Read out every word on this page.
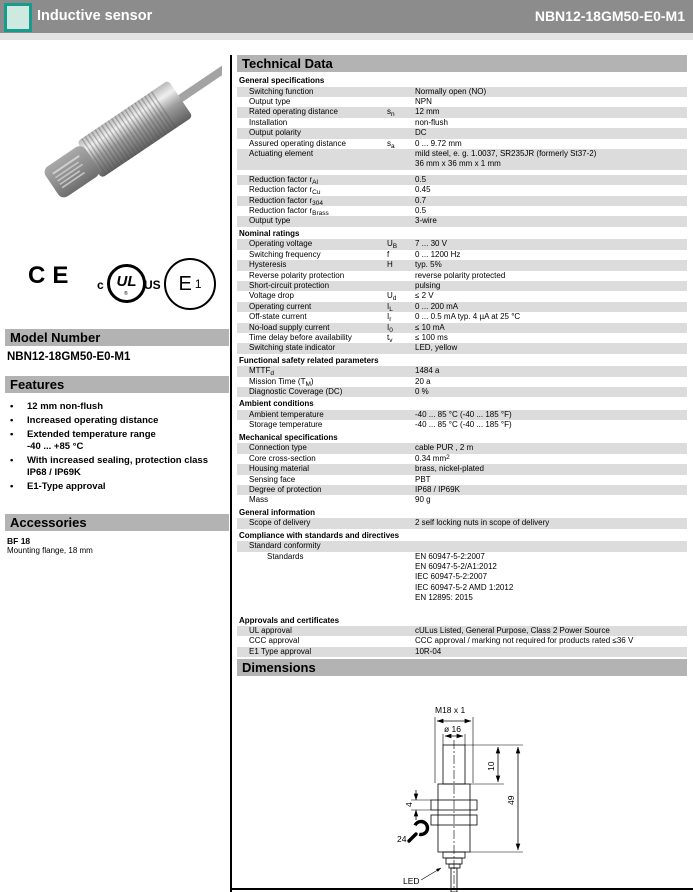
Inductive sensor	NBN12-18GM50-E0-M1
CE c UL
®
US E 1
Model Number
NBN12-18GM50-E0-M1
Features
•	12 mm non-flush
•	Increased operating distance
•	Extended temperature range
-40 ... +85 °C
•	With increased sealing, protection class
IP68 / IP69K
•	E1-Type approval
Accessories
BF 18
Mounting flange, 18 mm
Technical Data
General specifications
Switching function	Normally open (NO)
Output type	NPN
Rated operating distance	$s_n$	12 mm
Installation	non-flush
Output polarity	DC
Assured operating distance	$s_a$	0 ... 9.72 mm
Actuating element	mild steel, e. g. 1.0037, SR235JR (formerly St37-2)
36 mm x 36 mm x 1 mm
Reduction factor $r_{Al}$	0.5
Reduction factor $r_{Cu}$	0.45
Reduction factor $r_{304}$	0.7
Reduction factor $r_{Brass}$	0.5
Output type	3-wire
Nominal ratings
Operating voltage	$U_B$	7 ... 30 V
Switching frequency	f	0 ... 1200 Hz
Hysteresis	H	typ. 5%
Reverse polarity protection	reverse polarity protected
Short-circuit protection	pulsing
Voltage drop	$U_d$	≤ 2 V
Operating current	$I_L$	0 ... 200 mA
Off-state current	$I_r$	0 ... 0.5 mA typ. 4 µA at 25 °C
No-load supply current	$I_0$	≤ 10 mA
Time delay before availability	$t_v$	≤ 100 ms
Switching state indicator	LED, yellow
Functional safety related parameters
$MTTF_d$	1484 a
Mission Time $(T_M)$	20 a
Diagnostic Coverage (DC)	0 %
Ambient conditions
Ambient temperature	-40 ... 85 °C (-40 ... 185 °F)
Storage temperature	-40 ... 85 °C (-40 ... 185 °F)
Mechanical specifications
Connection type	cable PUR , 2 m
Core cross-section	0.34 $mm^2$
Housing material	brass, nickel-plated
Sensing face	PBT
Degree of protection	IP68 / IP69K
Mass	90 g
General information
Scope of delivery	2 self locking nuts in scope of delivery
Compliance with standards and directives
Standard conformity
Standards	EN 60947-5-2:2007
EN 60947-5-2/A1:2012
IEC 60947-5-2:2007
IEC 60947-5-2 AMD 1:2012
EN 12895: 2015
Approvals and certificates
UL approval	cULus Listed, General Purpose, Class 2 Power Source
CCC approval	CCC approval / marking not required for products rated ≤36 V
E1 Type approval	10R-04
Dimensions
M18 x 1
ø 16
10
49
4
24
LED
